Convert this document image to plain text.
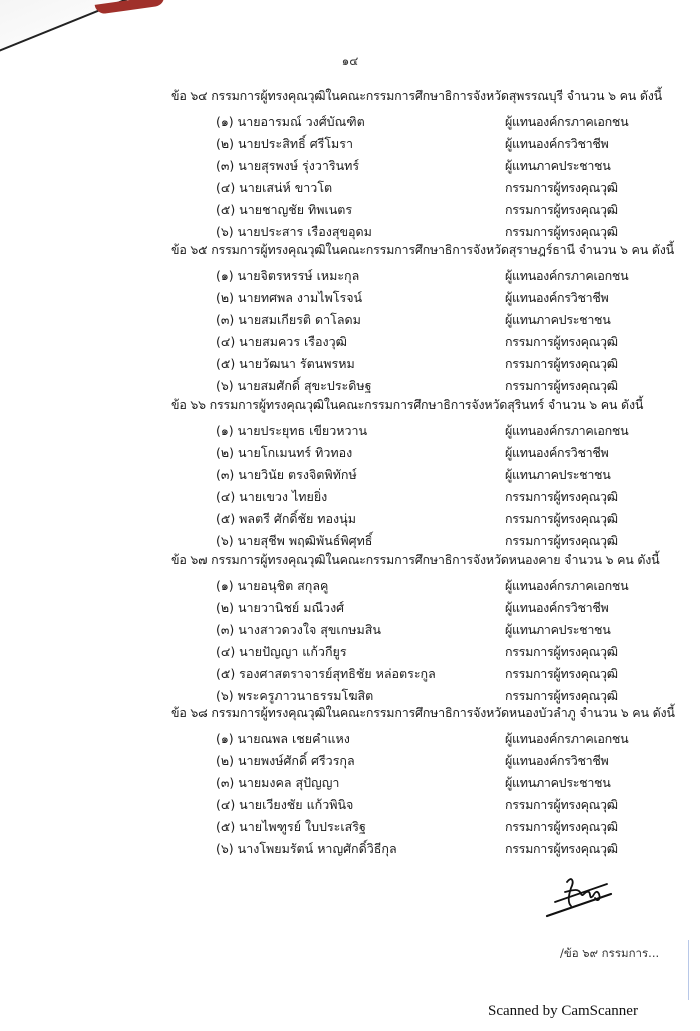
๑๔
ข้อ ๖๔ กรรมการผู้ทรงคุณวุฒิในคณะกรรมการศึกษาธิการจังหวัดสุพรรณบุรี จำนวน ๖ คน ดังนี้
(๑) นายอารมณ์ วงศ์บัณฑิต	ผู้แทนองค์กรภาคเอกชน
(๒) นายประสิทธิ์ ศรีโมรา	ผู้แทนองค์กรวิชาชีพ
(๓) นายสุรพงษ์ รุ่งวารินทร์	ผู้แทนภาคประชาชน
(๔) นายเสน่ห์ ขาวโต	กรรมการผู้ทรงคุณวุฒิ
(๕) นายชาญชัย ทิพเนตร	กรรมการผู้ทรงคุณวุฒิ
(๖) นายประสาร เรืองสุขอุดม	กรรมการผู้ทรงคุณวุฒิ
ข้อ ๖๕ กรรมการผู้ทรงคุณวุฒิในคณะกรรมการศึกษาธิการจังหวัดสุราษฎร์ธานี จำนวน ๖ คน ดังนี้
(๑) นายจิตรหรรษ์ เหมะกุล	ผู้แทนองค์กรภาคเอกชน
(๒) นายทศพล งามไพโรจน์	ผู้แทนองค์กรวิชาชีพ
(๓) นายสมเกียรติ ดาโลดม	ผู้แทนภาคประชาชน
(๔) นายสมควร เรืองวุฒิ	กรรมการผู้ทรงคุณวุฒิ
(๕) นายวัฒนา รัตนพรหม	กรรมการผู้ทรงคุณวุฒิ
(๖) นายสมศักดิ์ สุขะประดิษฐ	กรรมการผู้ทรงคุณวุฒิ
ข้อ ๖๖ กรรมการผู้ทรงคุณวุฒิในคณะกรรมการศึกษาธิการจังหวัดสุรินทร์ จำนวน ๖ คน ดังนี้
(๑) นายประยุทธ เขียวหวาน	ผู้แทนองค์กรภาคเอกชน
(๒) นายโกเมนทร์ ทิวทอง	ผู้แทนองค์กรวิชาชีพ
(๓) นายวินัย ตรงจิตพิทักษ์	ผู้แทนภาคประชาชน
(๔) นายเขวง ไทยยิ่ง	กรรมการผู้ทรงคุณวุฒิ
(๕) พลตรี ศักดิ์ชัย ทองนุ่ม	กรรมการผู้ทรงคุณวุฒิ
(๖) นายสุชีพ พฤฒิพันธ์พิศุทธิ์	กรรมการผู้ทรงคุณวุฒิ
ข้อ ๖๗ กรรมการผู้ทรงคุณวุฒิในคณะกรรมการศึกษาธิการจังหวัดหนองคาย จำนวน ๖ คน ดังนี้
(๑) นายอนุชิต สกุลคู	ผู้แทนองค์กรภาคเอกชน
(๒) นายวานิชย์ มณีวงศ์	ผู้แทนองค์กรวิชาชีพ
(๓) นางสาวดวงใจ สุขเกษมสิน	ผู้แทนภาคประชาชน
(๔) นายปัญญา แก้วกียูร	กรรมการผู้ทรงคุณวุฒิ
(๕) รองศาสตราจารย์สุทธิชัย หล่อตระกูล	กรรมการผู้ทรงคุณวุฒิ
(๖) พระครูภาวนาธรรมโฆสิต	กรรมการผู้ทรงคุณวุฒิ
ข้อ ๖๘ กรรมการผู้ทรงคุณวุฒิในคณะกรรมการศึกษาธิการจังหวัดหนองบัวลำภู จำนวน ๖ คน ดังนี้
(๑) นายณพล เชยคำแหง	ผู้แทนองค์กรภาคเอกชน
(๒) นายพงษ์ศักดิ์ ศรีวรกุล	ผู้แทนองค์กรวิชาชีพ
(๓) นายมงคล สุปัญญา	ผู้แทนภาคประชาชน
(๔) นายเวียงชัย แก้วพินิจ	กรรมการผู้ทรงคุณวุฒิ
(๕) นายไพฑูรย์ ใบประเสริฐ	กรรมการผู้ทรงคุณวุฒิ
(๖) นางโพยมรัตน์ หาญศักดิ์วิธีกุล	กรรมการผู้ทรงคุณวุฒิ
/ข้อ ๖๙ กรรมการ...
Scanned by CamScanner
